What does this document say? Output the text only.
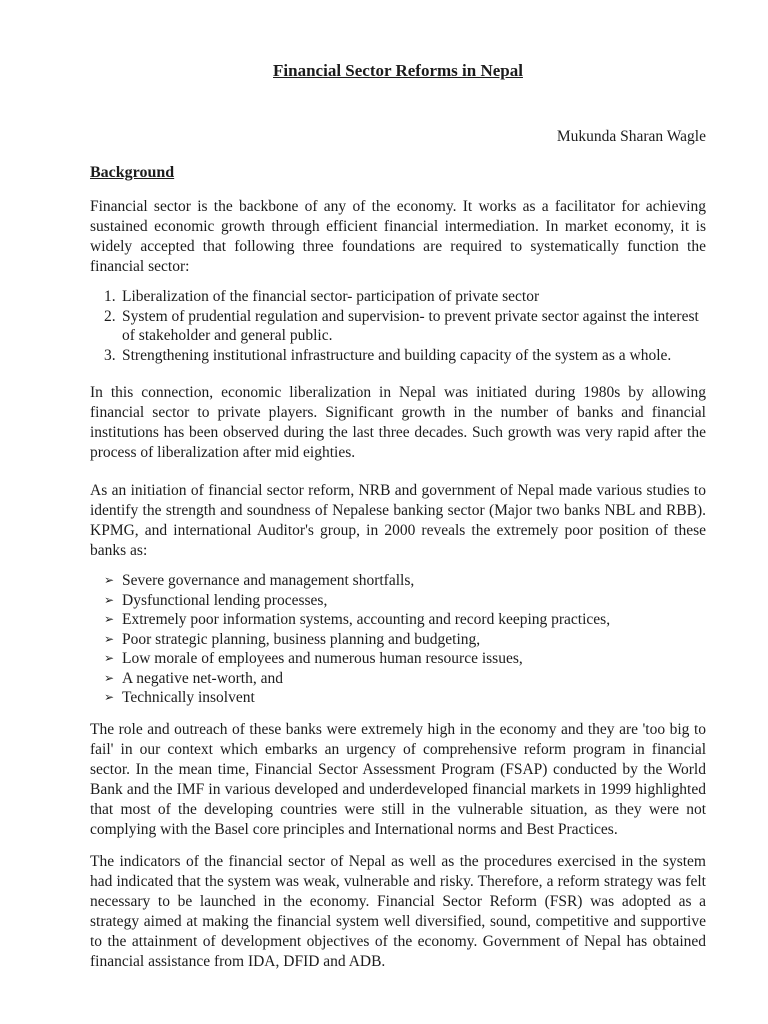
Financial Sector Reforms in Nepal

Mukunda Sharan Wagle

Background

Financial sector is the backbone of any of the economy. It works as a facilitator for achieving sustained economic growth through efficient financial intermediation. In market economy, it is widely accepted that following three foundations are required to systematically function the financial sector:

1. Liberalization of the financial sector- participation of private sector
2. System of prudential regulation and supervision- to prevent private sector against the interest of stakeholder and general public.
3. Strengthening institutional infrastructure and building capacity of the system as a whole.

In this connection, economic liberalization in Nepal was initiated during 1980s by allowing financial sector to private players. Significant growth in the number of banks and financial institutions has been observed during the last three decades. Such growth was very rapid after the process of liberalization after mid eighties.

As an initiation of financial sector reform, NRB and government of Nepal made various studies to identify the strength and soundness of Nepalese banking sector (Major two banks NBL and RBB). KPMG, and international Auditor's group, in 2000 reveals the extremely poor position of these banks as:

➢ Severe governance and management shortfalls,
➢ Dysfunctional lending processes,
➢ Extremely poor information systems, accounting and record keeping practices,
➢ Poor strategic planning, business planning and budgeting,
➢ Low morale of employees and numerous human resource issues,
➢ A negative net-worth, and
➢ Technically insolvent

The role and outreach of these banks were extremely high in the economy and they are 'too big to fail' in our context which embarks an urgency of comprehensive reform program in financial sector. In the mean time, Financial Sector Assessment Program (FSAP) conducted by the World Bank and the IMF in various developed and underdeveloped financial markets in 1999 highlighted that most of the developing countries were still in the vulnerable situation, as they were not complying with the Basel core principles and International norms and Best Practices.

The indicators of the financial sector of Nepal as well as the procedures exercised in the system had indicated that the system was weak, vulnerable and risky. Therefore, a reform strategy was felt necessary to be launched in the economy. Financial Sector Reform (FSR) was adopted as a strategy aimed at making the financial system well diversified, sound, competitive and supportive to the attainment of development objectives of the economy. Government of Nepal has obtained financial assistance from IDA, DFID and ADB.
